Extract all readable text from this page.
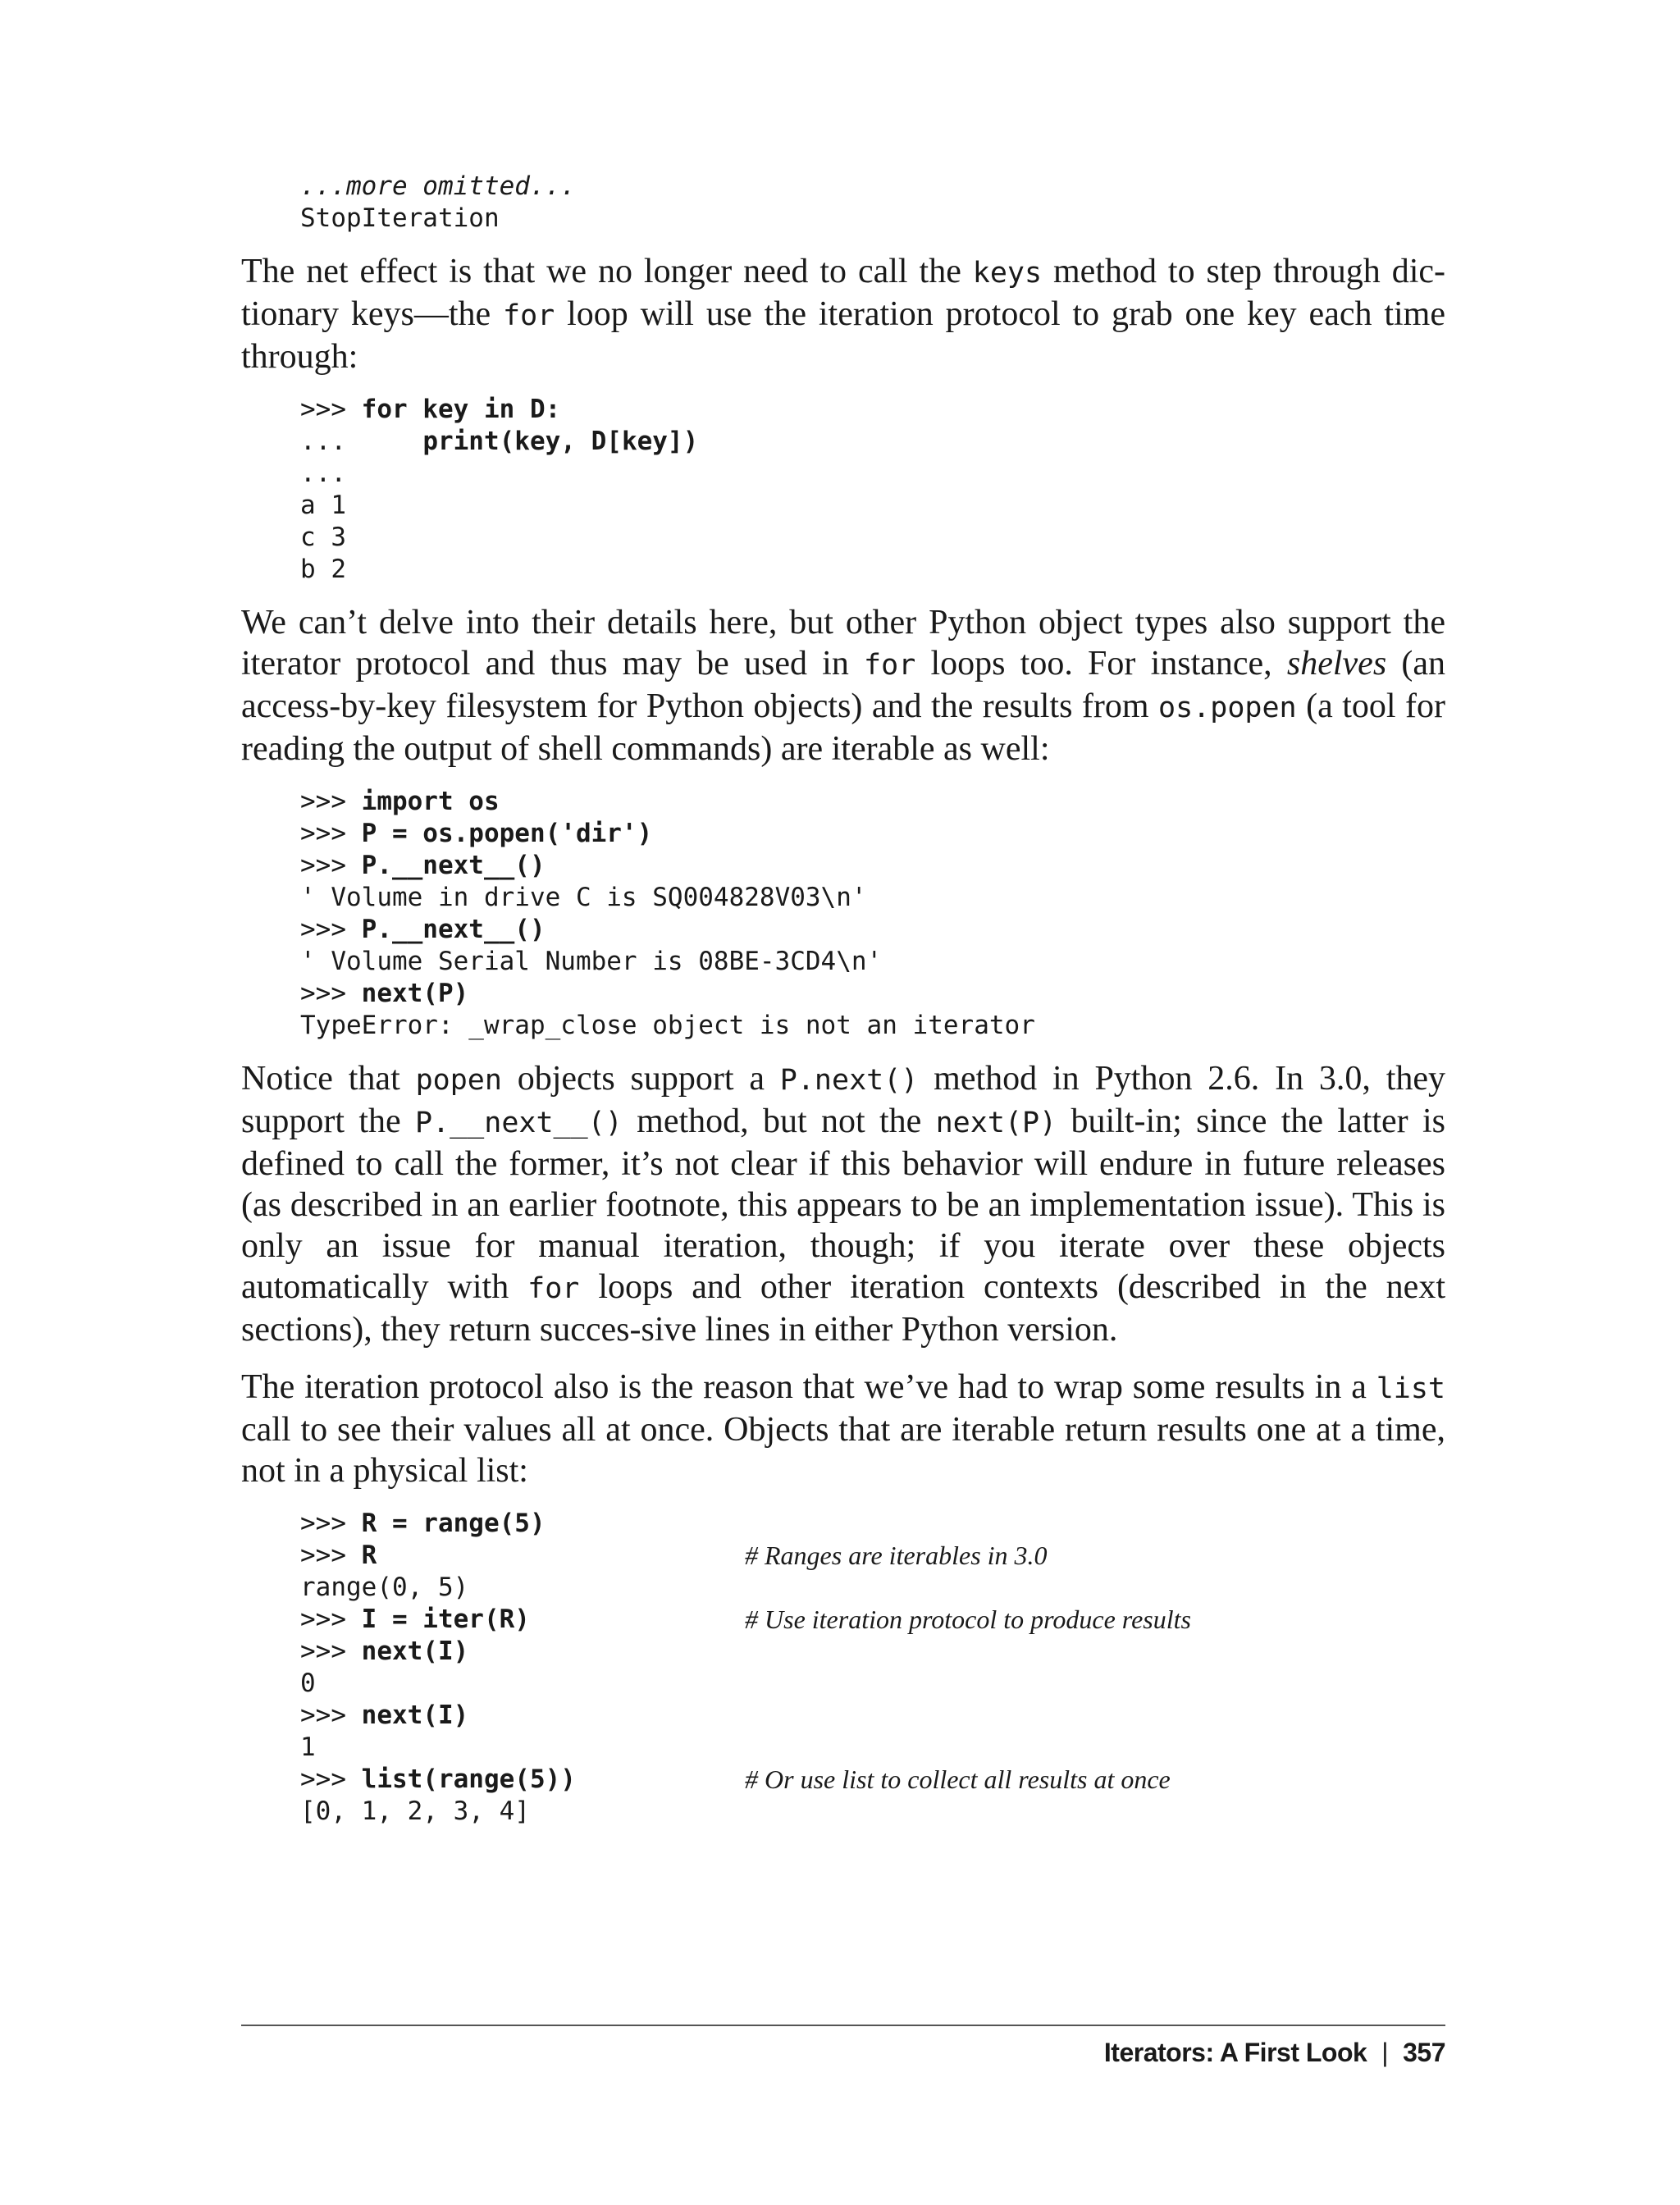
...more omitted...
StopIteration

The net effect is that we no longer need to call the keys method to step through dic-tionary keys—the for loop will use the iteration protocol to grab one key each time through:

>>> for key in D:
...     print(key, D[key])
...
a 1
c 3
b 2

We can’t delve into their details here, but other Python object types also support the iterator protocol and thus may be used in for loops too. For instance, shelves (an access-by-key filesystem for Python objects) and the results from os.popen (a tool for reading the output of shell commands) are iterable as well:

>>> import os
>>> P = os.popen('dir')
>>> P.__next__()
' Volume in drive C is SQ004828V03\n'
>>> P.__next__()
' Volume Serial Number is 08BE-3CD4\n'
>>> next(P)
TypeError: _wrap_close object is not an iterator

Notice that popen objects support a P.next() method in Python 2.6. In 3.0, they support the P.__next__() method, but not the next(P) built-in; since the latter is defined to call the former, it’s not clear if this behavior will endure in future releases (as described in an earlier footnote, this appears to be an implementation issue). This is only an issue for manual iteration, though; if you iterate over these objects automatically with for loops and other iteration contexts (described in the next sections), they return succes-sive lines in either Python version.

The iteration protocol also is the reason that we’ve had to wrap some results in a list call to see their values all at once. Objects that are iterable return results one at a time, not in a physical list:

>>> R = range(5)
>>> R	# Ranges are iterables in 3.0
range(0, 5)
>>> I = iter(R)	# Use iteration protocol to produce results
>>> next(I)
0
>>> next(I)
1
>>> list(range(5))	# Or use list to collect all results at once
[0, 1, 2, 3, 4]
Iterators: A First Look | 357
